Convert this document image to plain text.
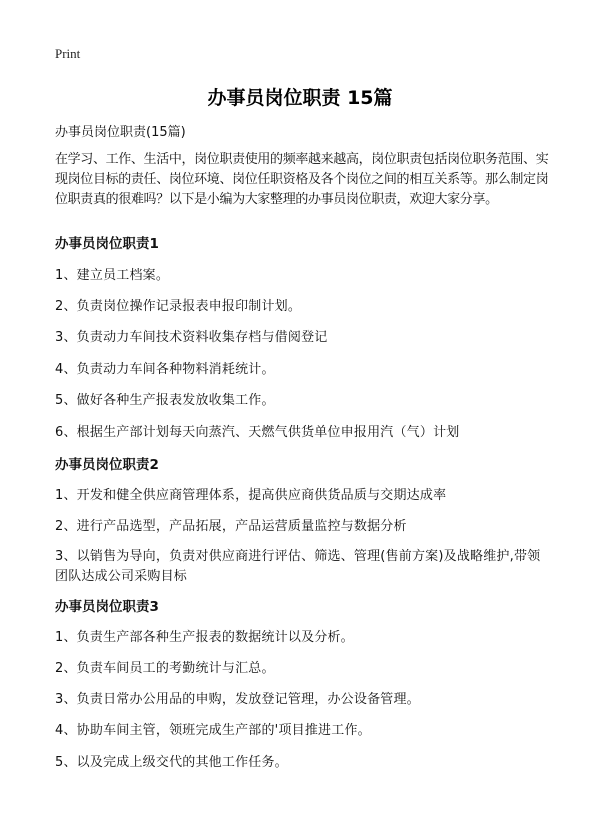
Print
办事员岗位职责 15篇

办事员岗位职责(15篇)

在学习、工作、生活中，岗位职责使用的频率越来越高，岗位职责包括岗位职务范围、实现岗位目标的责任、岗位环境、岗位任职资格及各个岗位之间的相互关系等。那么制定岗位职责真的很难吗？以下是小编为大家整理的办事员岗位职责，欢迎大家分享。

办事员岗位职责1

1、建立员工档案。

2、负责岗位操作记录报表申报印制计划。

3、负责动力车间技术资料收集存档与借阅登记

4、负责动力车间各种物料消耗统计。

5、做好各种生产报表发放收集工作。

6、根据生产部计划每天向蒸汽、天燃气供货单位申报用汽（气）计划

办事员岗位职责2

1、开发和健全供应商管理体系，提高供应商供货品质与交期达成率

2、进行产品选型，产品拓展，产品运营质量监控与数据分析

3、以销售为导向，负责对供应商进行评估、筛选、管理(售前方案)及战略维护,带领团队达成公司采购目标

办事员岗位职责3

1、负责生产部各种生产报表的数据统计以及分析。

2、负责车间员工的考勤统计与汇总。

3、负责日常办公用品的申购，发放登记管理，办公设备管理。

4、协助车间主管，领班完成生产部的'项目推进工作。

5、以及完成上级交代的其他工作任务。
